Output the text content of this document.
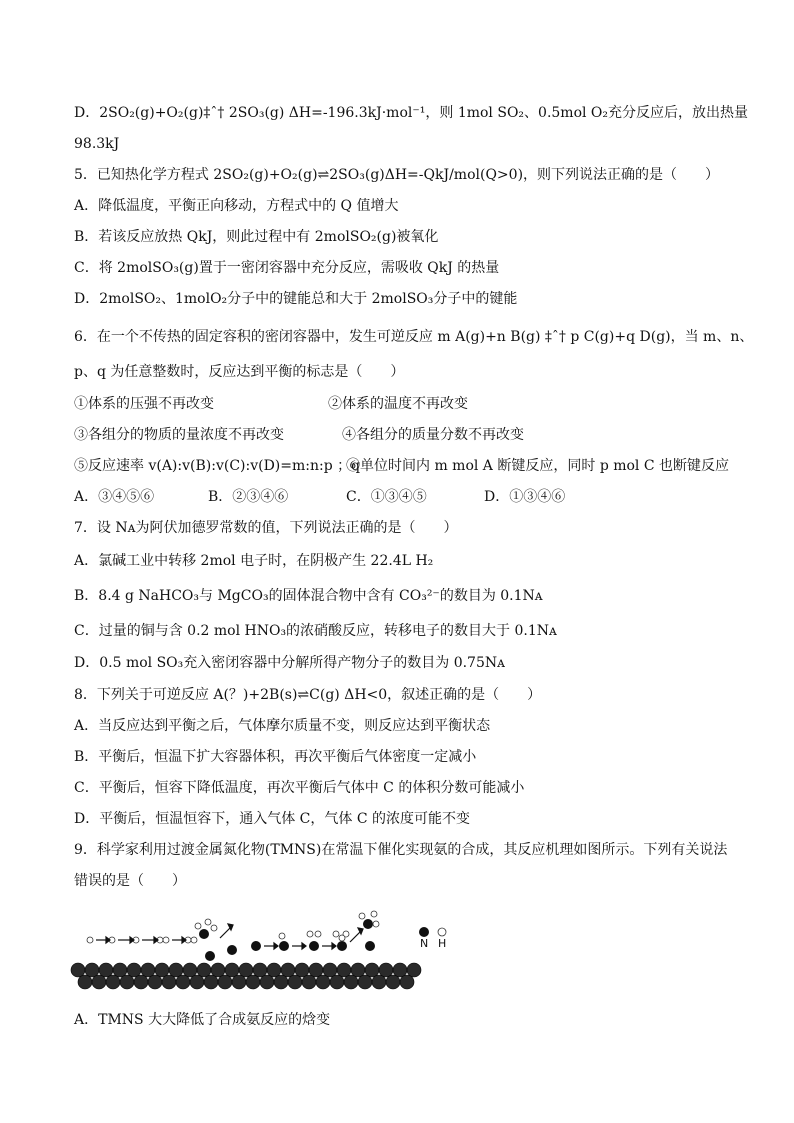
D．2SO₂(g)+O₂(g)‡ˆ† 2SO₃(g) ΔH=-196.3kJ·mol⁻¹，则 1mol SO₂、0.5mol O₂充分反应后，放出热量
98.3kJ
5．已知热化学方程式 2SO₂(g)+O₂(g)⇌2SO₃(g)ΔH=-QkJ/mol(Q>0)，则下列说法正确的是（　　）
A．降低温度，平衡正向移动，方程式中的 Q 值增大
B．若该反应放热 QkJ，则此过程中有 2molSO₂(g)被氧化
C．将 2molSO₃(g)置于一密闭容器中充分反应，需吸收 QkJ 的热量
D．2molSO₂、1molO₂分子中的键能总和大于 2molSO₃分子中的键能
6．在一个不传热的固定容积的密闭容器中，发生可逆反应 m A(g)+n B(g) ‡ˆ† p C(g)+q D(g)，当 m、n、
p、q 为任意整数时，反应达到平衡的标志是（　　）
①体系的压强不再改变	②体系的温度不再改变
③各组分的物质的量浓度不再改变	④各组分的质量分数不再改变
⑤反应速率 v(A):v(B):v(C):v(D)=m:n:p ；q
⑥单位时间内 m mol A 断键反应，同时 p mol C 也断键反应
A．③④⑤⑥	B．②③④⑥	C．①③④⑤	D．①③④⑥
7．设 Nᴀ为阿伏加德罗常数的值，下列说法正确的是（　　）
A．氯碱工业中转移 2mol 电子时，在阴极产生 22.4L H₂
B．8.4 g NaHCO₃与 MgCO₃的固体混合物中含有 CO₃²⁻的数目为 0.1Nᴀ
C．过量的铜与含 0.2 mol HNO₃的浓硝酸反应，转移电子的数目大于 0.1Nᴀ
D．0.5 mol SO₃充入密闭容器中分解所得产物分子的数目为 0.75Nᴀ
8．下列关于可逆反应 A(？)+2B(s)⇌C(g) ΔH<0，叙述正确的是（　　）
A．当反应达到平衡之后，气体摩尔质量不变，则反应达到平衡状态
B．平衡后，恒温下扩大容器体积，再次平衡后气体密度一定减小
C．平衡后，恒容下降低温度，再次平衡后气体中 C 的体积分数可能减小
D．平衡后，恒温恒容下，通入气体 C，气体 C 的浓度可能不变
9．科学家利用过渡金属氮化物(TMNS)在常温下催化实现氨的合成，其反应机理如图所示。下列有关说法
错误的是（　　）
N H
A．TMNS 大大降低了合成氨反应的焓变
